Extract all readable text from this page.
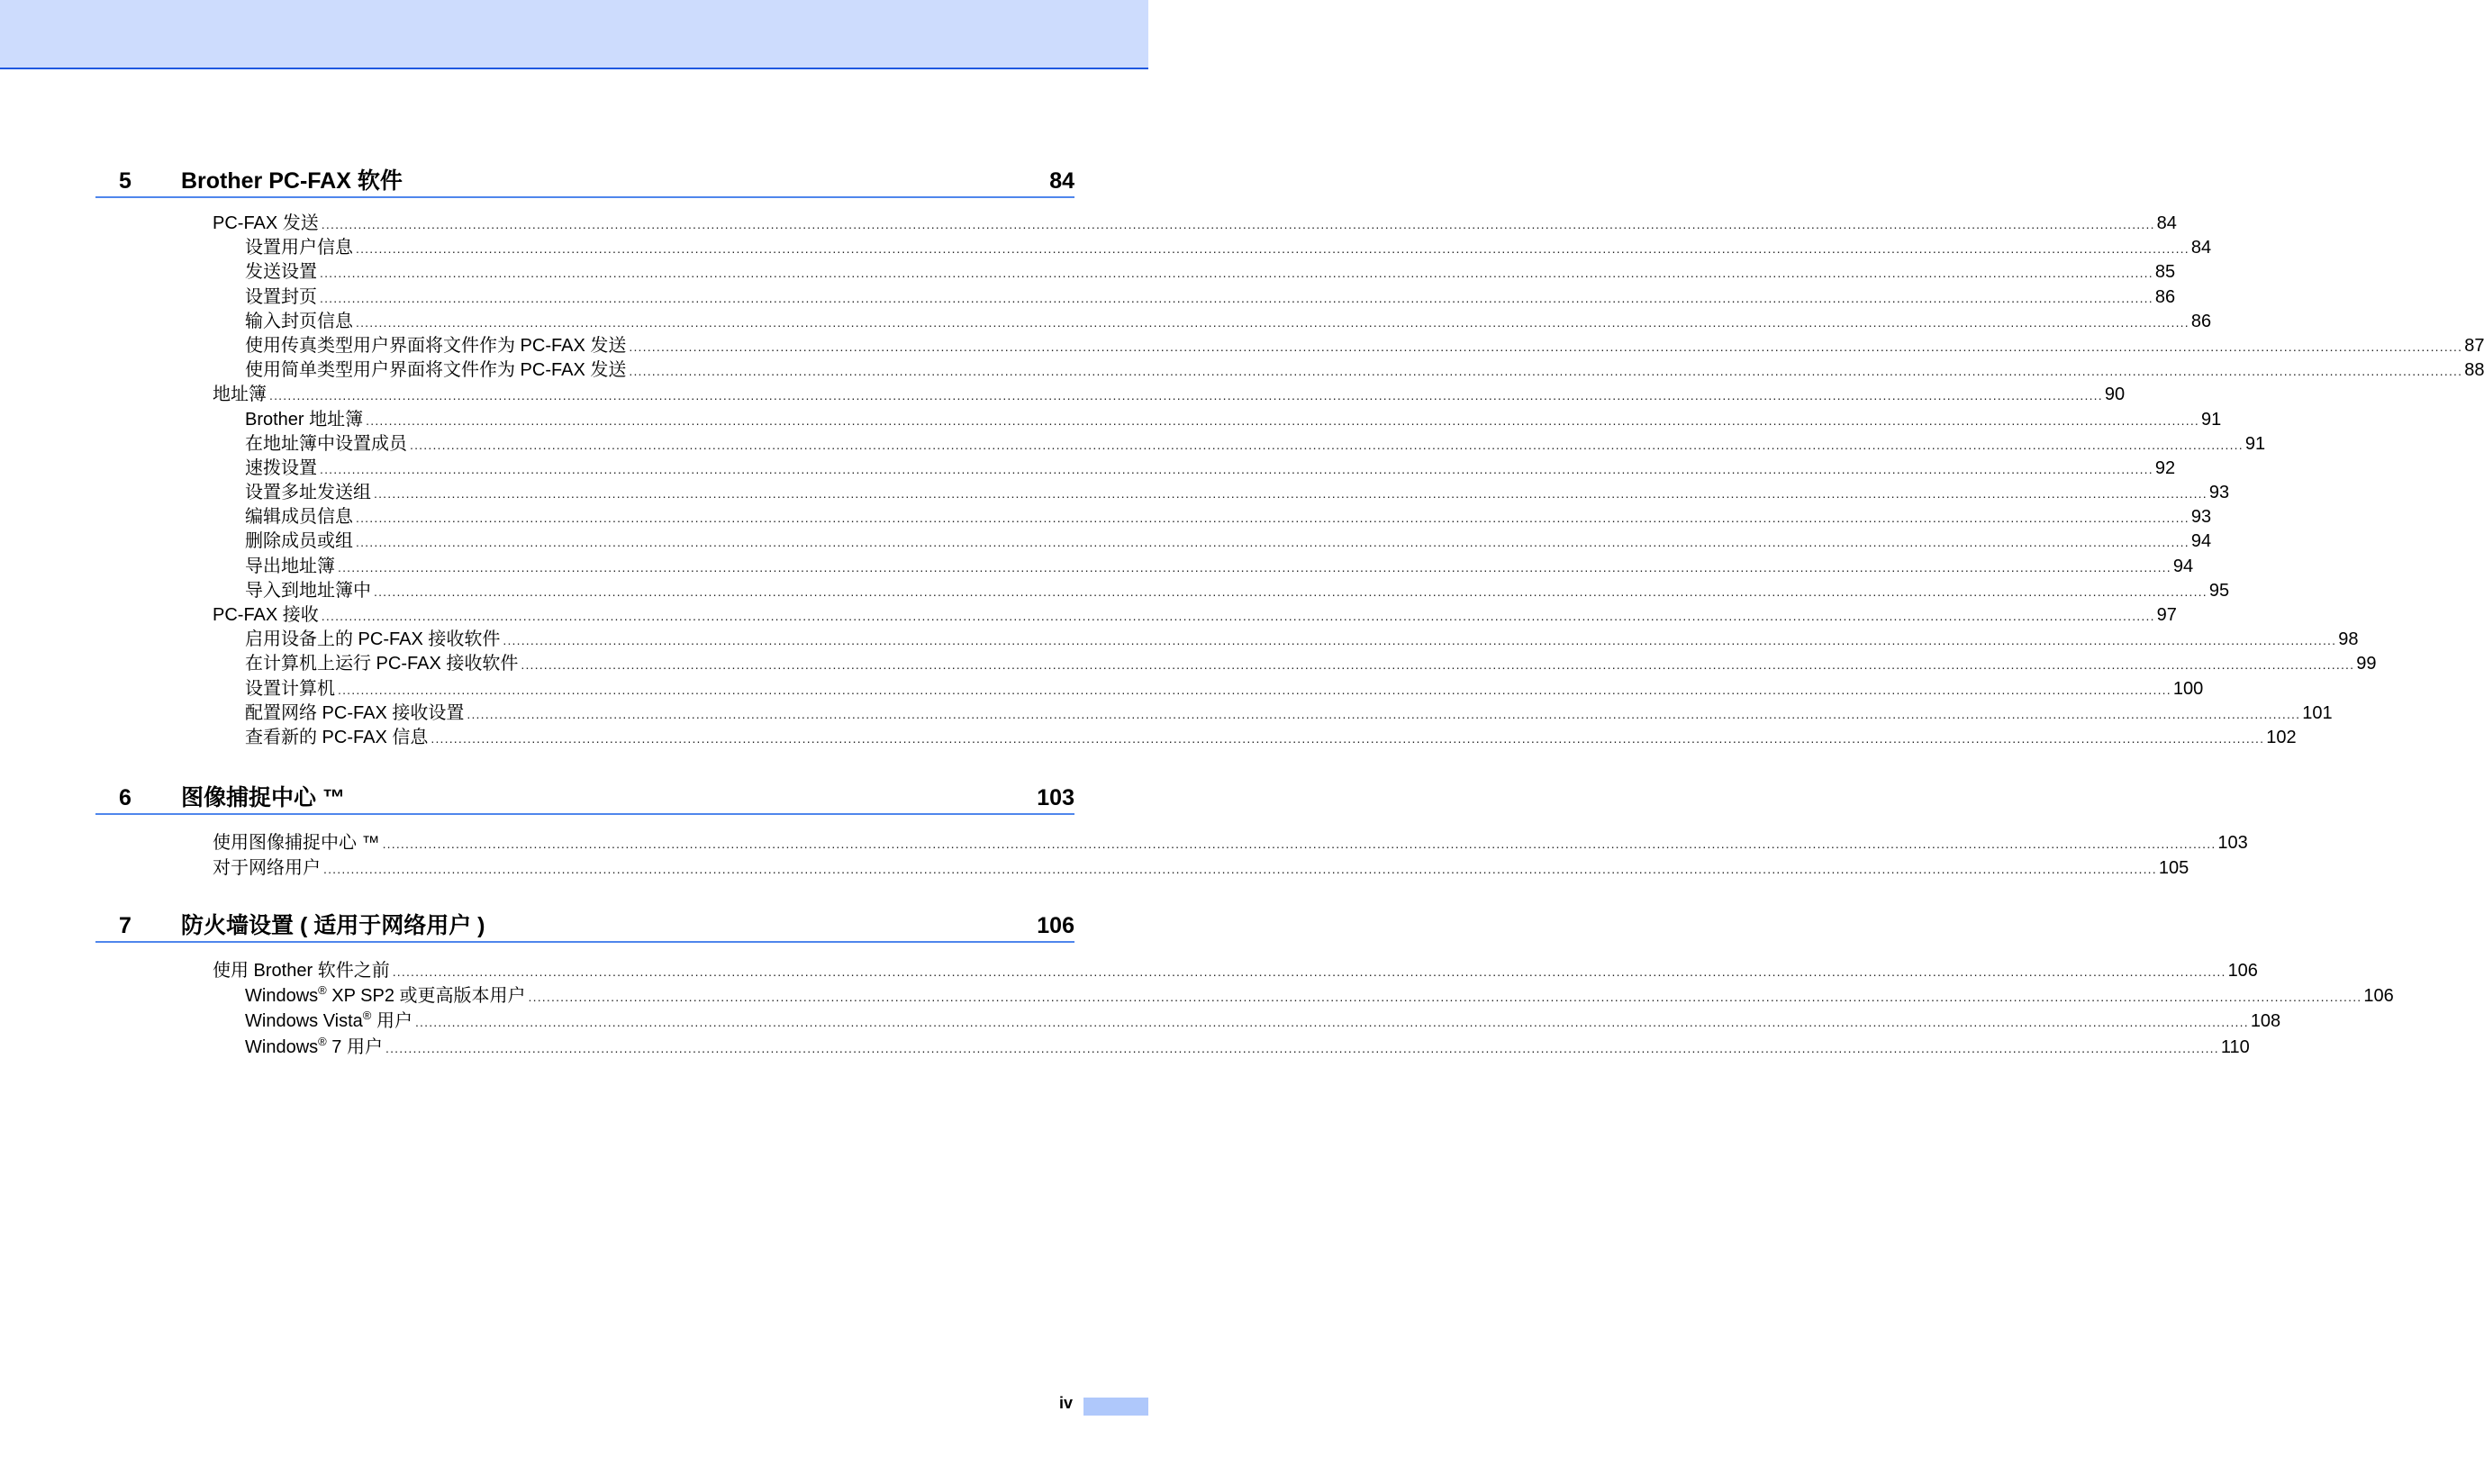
5 Brother PC-FAX 软件	84
PC-FAX 发送 ................................................................................................................................................................................................................................................................................................................................................................................................................ 84
设置用户信息 ................................................................................................................................................................................................................................................................................................................................................................................................................ 84
发送设置 ................................................................................................................................................................................................................................................................................................................................................................................................................ 85
设置封页 ................................................................................................................................................................................................................................................................................................................................................................................................................ 86
输入封页信息 ................................................................................................................................................................................................................................................................................................................................................................................................................ 86
使用传真类型用户界面将文件作为 PC-FAX 发送 ................................................................................................................................................................................................................................................................................................................................................................................................................ 87
使用简单类型用户界面将文件作为 PC-FAX 发送 ................................................................................................................................................................................................................................................................................................................................................................................................................ 88
地址簿 ................................................................................................................................................................................................................................................................................................................................................................................................................ 90
Brother 地址簿 ................................................................................................................................................................................................................................................................................................................................................................................................................ 91
在地址簿中设置成员 ................................................................................................................................................................................................................................................................................................................................................................................................................ 91
速拨设置 ................................................................................................................................................................................................................................................................................................................................................................................................................ 92
设置多址发送组 ................................................................................................................................................................................................................................................................................................................................................................................................................ 93
编辑成员信息 ................................................................................................................................................................................................................................................................................................................................................................................................................ 93
删除成员或组 ................................................................................................................................................................................................................................................................................................................................................................................................................ 94
导出地址簿 ................................................................................................................................................................................................................................................................................................................................................................................................................ 94
导入到地址簿中 ................................................................................................................................................................................................................................................................................................................................................................................................................ 95
PC-FAX 接收 ................................................................................................................................................................................................................................................................................................................................................................................................................ 97
启用设备上的 PC-FAX 接收软件 ................................................................................................................................................................................................................................................................................................................................................................................................................ 98
在计算机上运行 PC-FAX 接收软件 ................................................................................................................................................................................................................................................................................................................................................................................................................ 99
设置计算机 ................................................................................................................................................................................................................................................................................................................................................................................................................ 100
配置网络 PC-FAX 接收设置 ................................................................................................................................................................................................................................................................................................................................................................................................................ 101
查看新的 PC-FAX 信息 ................................................................................................................................................................................................................................................................................................................................................................................................................ 102
6 图像捕捉中心 ™	103
使用图像捕捉中心 ™ ................................................................................................................................................................................................................................................................................................................................................................................................................ 103
对于网络用户 ................................................................................................................................................................................................................................................................................................................................................................................................................ 105
7 防火墙设置 ( 适用于网络用户 )	106
使用 Brother 软件之前 ................................................................................................................................................................................................................................................................................................................................................................................................................ 106
Windows® XP SP2 或更高版本用户 ................................................................................................................................................................................................................................................................................................................................................................................................................ 106
Windows Vista® 用户 ................................................................................................................................................................................................................................................................................................................................................................................................................ 108
Windows® 7 用户 ................................................................................................................................................................................................................................................................................................................................................................................................................ 110
iv
